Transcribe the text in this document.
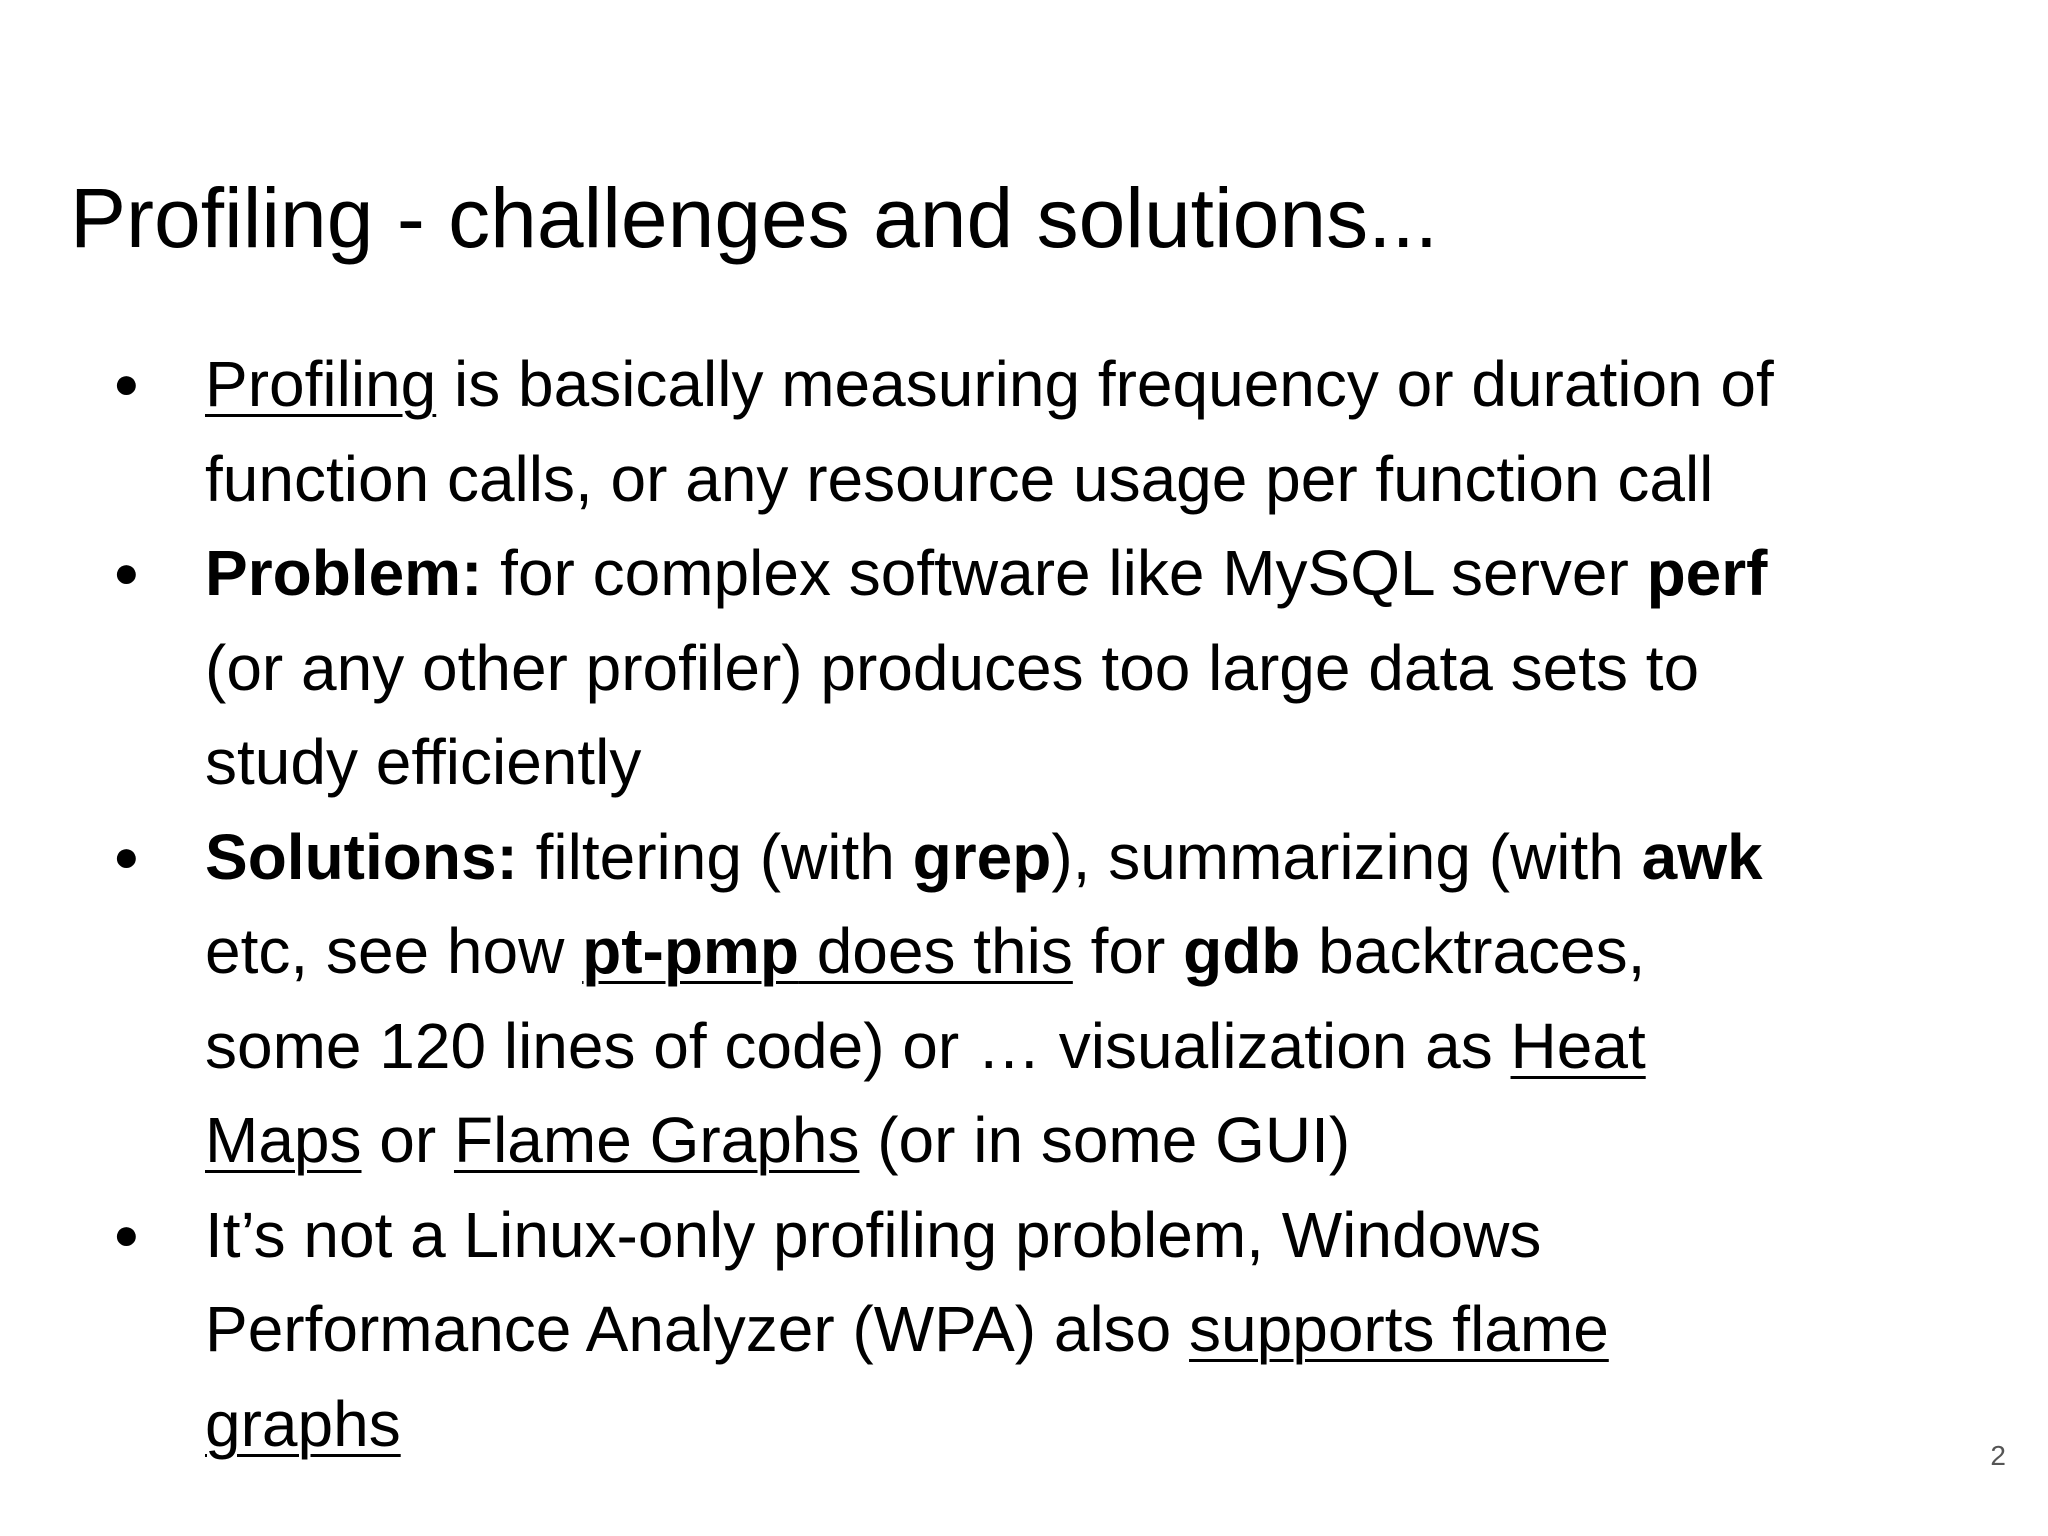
Profiling - challenges and solutions...
● Profiling is basically measuring frequency or duration of function calls, or any resource usage per function call
● Problem: for complex software like MySQL server perf (or any other profiler) produces too large data sets to study efficiently
● Solutions: filtering (with grep), summarizing (with awk etc, see how pt-pmp does this for gdb backtraces, some 120 lines of code) or … visualization as Heat Maps or Flame Graphs (or in some GUI)
● It’s not a Linux-only profiling problem, Windows Performance Analyzer (WPA) also supports flame graphs	2
